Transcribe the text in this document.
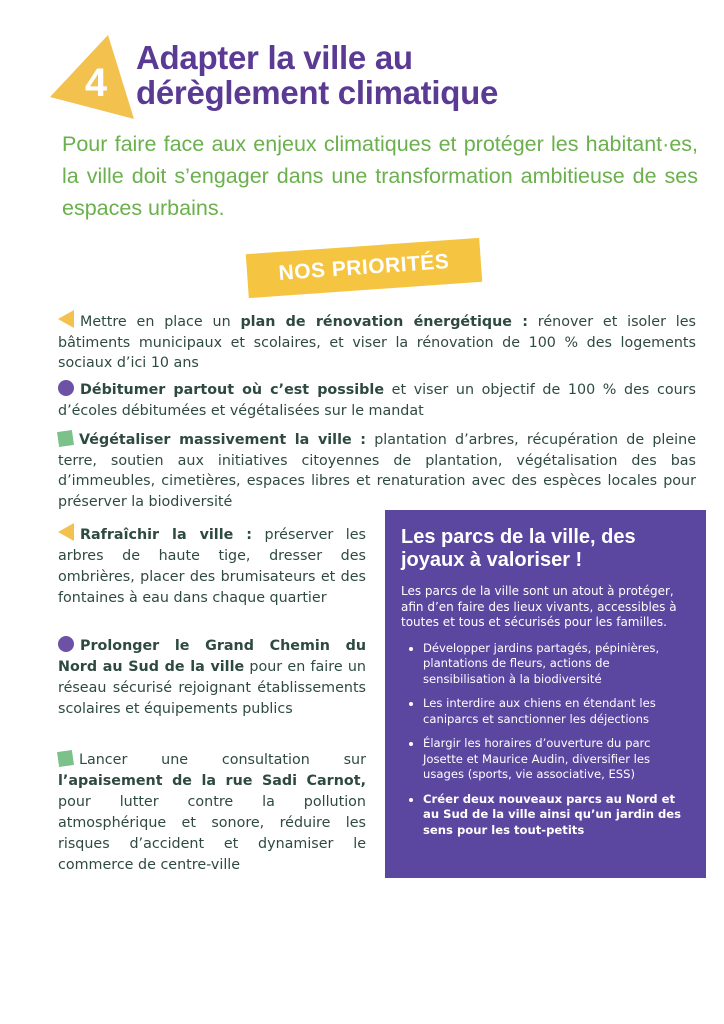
4
Adapter la ville au
dérèglement climatique
Pour faire face aux enjeux climatiques et protéger les habitant·es, la ville doit s’engager dans une transformation ambitieuse de ses espaces urbains.
NOS PRIORITÉS
Mettre en place un plan de rénovation énergétique : rénover et isoler les bâtiments municipaux et scolaires, et viser la rénovation de 100 % des logements sociaux d’ici 10 ans
Débitumer partout où c’est possible et viser un objectif de 100 % des cours d’écoles débitumées et végétalisées sur le mandat
Végétaliser massivement la ville : plantation d’arbres, récupération de pleine terre, soutien aux initiatives citoyennes de plantation, végétalisation des bas d’immeubles, cimetières, espaces libres et renaturation avec des espèces locales pour préserver la biodiversité
Rafraîchir la ville : préserver les arbres de haute tige, dresser des ombrières, placer des brumisateurs et des fontaines à eau dans chaque quartier
Prolonger le Grand Chemin du Nord au Sud de la ville pour en faire un réseau sécurisé rejoignant établissements scolaires et équipements publics
Lancer une consultation sur l’apaisement de la rue Sadi Carnot, pour lutter contre la pollution atmosphérique et sonore, réduire les risques d’accident et dynamiser le commerce de centre-ville
Les parcs de la ville, des joyaux à valoriser !
Les parcs de la ville sont un atout à protéger, afin d’en faire des lieux vivants, accessibles à toutes et tous et sécurisés pour les familles.
• Développer jardins partagés, pépinières, plantations de fleurs, actions de sensibilisation à la biodiversité
• Les interdire aux chiens en étendant les caniparcs et sanctionner les déjections
• Élargir les horaires d’ouverture du parc Josette et Maurice Audin, diversifier les usages (sports, vie associative, ESS)
• Créer deux nouveaux parcs au Nord et au Sud de la ville ainsi qu’un jardin des sens pour les tout-petits
